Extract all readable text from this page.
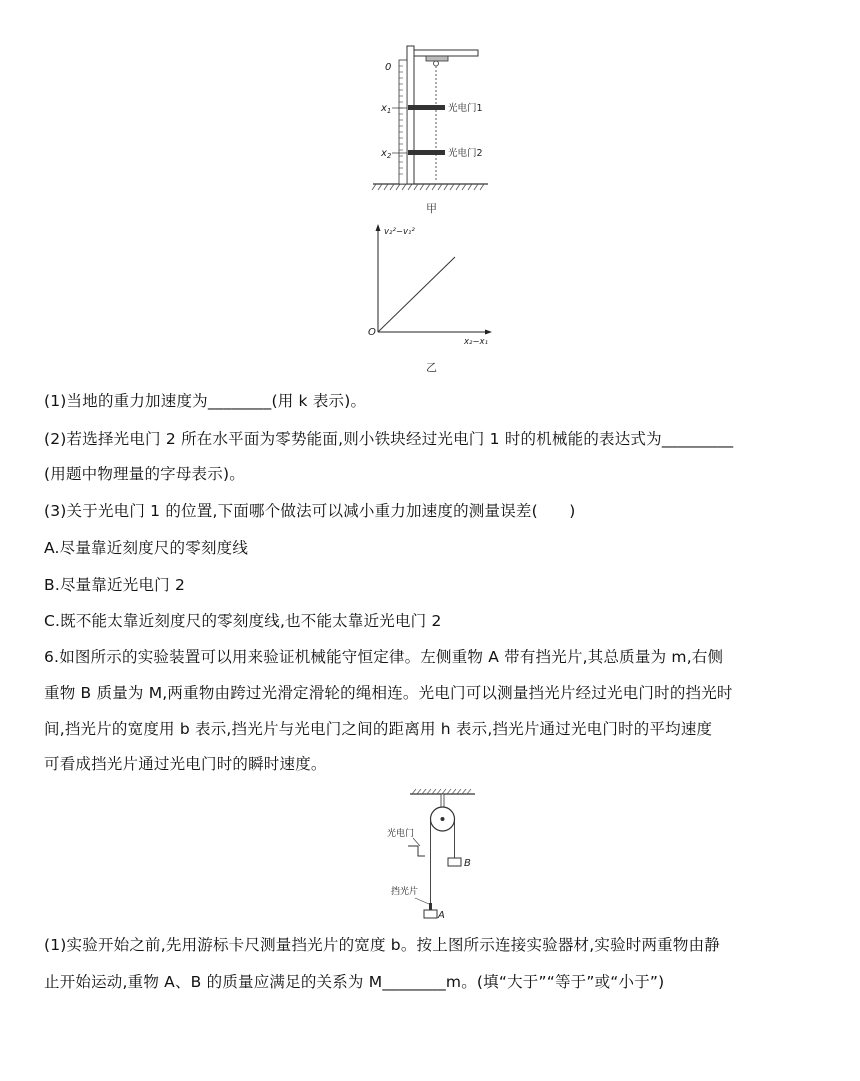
0
$x_1$
$x_2$
光电门1
光电门2
甲
O
v₂²−v₁²
x₂−x₁
乙
(1)当地的重力加速度为________(用 k 表示)。
(2)若选择光电门 2 所在水平面为零势能面,则小铁块经过光电门 1 时的机械能的表达式为_________
(用题中物理量的字母表示)。
(3)关于光电门 1 的位置,下面哪个做法可以减小重力加速度的测量误差(　　)
A.尽量靠近刻度尺的零刻度线
B.尽量靠近光电门 2
C.既不能太靠近刻度尺的零刻度线,也不能太靠近光电门 2
6.如图所示的实验装置可以用来验证机械能守恒定律。左侧重物 A 带有挡光片,其总质量为 m,右侧
重物 B 质量为 M,两重物由跨过光滑定滑轮的绳相连。光电门可以测量挡光片经过光电门时的挡光时
间,挡光片的宽度用 b 表示,挡光片与光电门之间的距离用 h 表示,挡光片通过光电门时的平均速度
可看成挡光片通过光电门时的瞬时速度。
光电门
挡光片
B
A
(1)实验开始之前,先用游标卡尺测量挡光片的宽度 b。按上图所示连接实验器材,实验时两重物由静
止开始运动,重物 A、B 的质量应满足的关系为 M________m。(填“大于”“等于”或“小于”)
